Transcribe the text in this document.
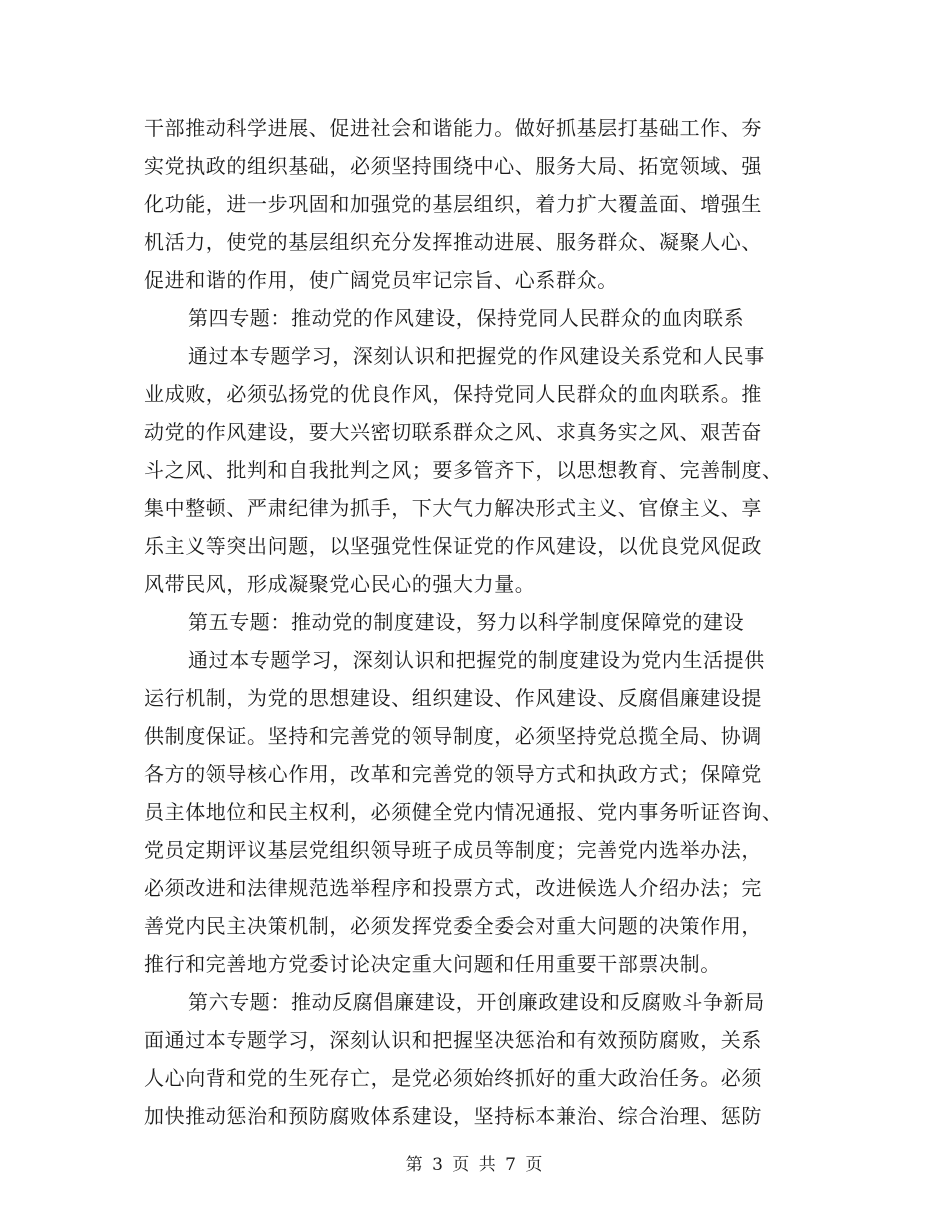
干部推动科学进展、促进社会和谐能力。做好抓基层打基础工作、夯
实党执政的组织基础，必须坚持围绕中心、服务大局、拓宽领域、强
化功能，进一步巩固和加强党的基层组织，着力扩大覆盖面、增强生
机活力，使党的基层组织充分发挥推动进展、服务群众、凝聚人心、
促进和谐的作用，使广阔党员牢记宗旨、心系群众。
第四专题：推动党的作风建设，保持党同人民群众的血肉联系
通过本专题学习，深刻认识和把握党的作风建设关系党和人民事
业成败，必须弘扬党的优良作风，保持党同人民群众的血肉联系。推
动党的作风建设，要大兴密切联系群众之风、求真务实之风、艰苦奋
斗之风、批判和自我批判之风；要多管齐下，以思想教育、完善制度、
集中整顿、严肃纪律为抓手，下大气力解决形式主义、官僚主义、享
乐主义等突出问题，以坚强党性保证党的作风建设，以优良党风促政
风带民风，形成凝聚党心民心的强大力量。
第五专题：推动党的制度建设，努力以科学制度保障党的建设
通过本专题学习，深刻认识和把握党的制度建设为党内生活提供
运行机制，为党的思想建设、组织建设、作风建设、反腐倡廉建设提
供制度保证。坚持和完善党的领导制度，必须坚持党总揽全局、协调
各方的领导核心作用，改革和完善党的领导方式和执政方式；保障党
员主体地位和民主权利，必须健全党内情况通报、党内事务听证咨询、
党员定期评议基层党组织领导班子成员等制度；完善党内选举办法，
必须改进和法律规范选举程序和投票方式，改进候选人介绍办法；完
善党内民主决策机制，必须发挥党委全委会对重大问题的决策作用，
推行和完善地方党委讨论决定重大问题和任用重要干部票决制。
第六专题：推动反腐倡廉建设，开创廉政建设和反腐败斗争新局
面通过本专题学习，深刻认识和把握坚决惩治和有效预防腐败，关系
人心向背和党的生死存亡，是党必须始终抓好的重大政治任务。必须
加快推动惩治和预防腐败体系建设，坚持标本兼治、综合治理、惩防
第 3 页 共 7 页
